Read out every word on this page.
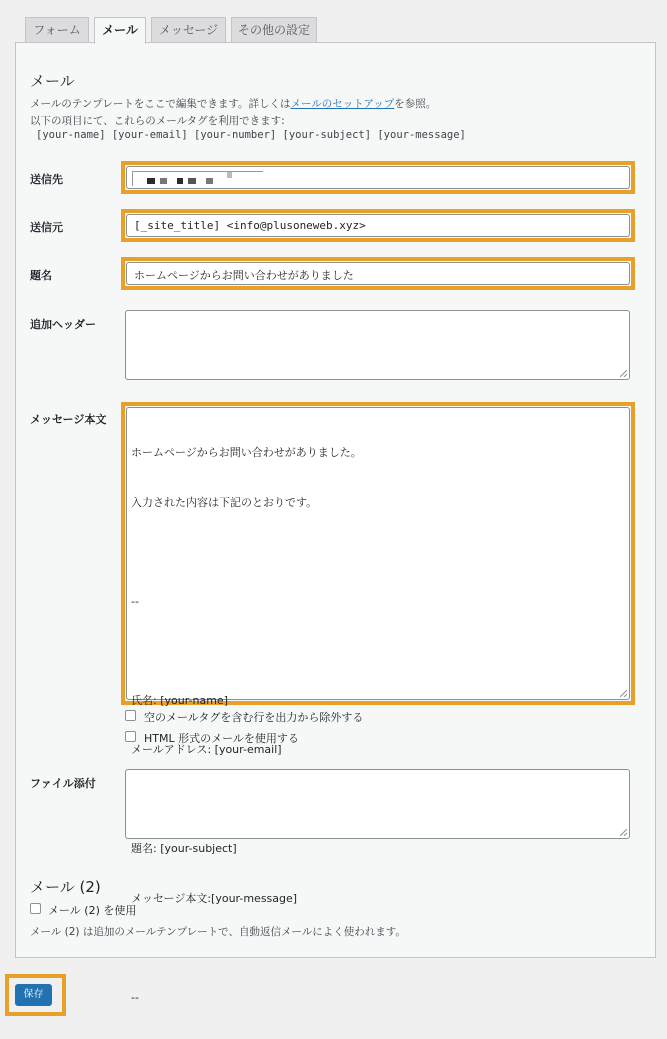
フォーム	メール	メッセージ	その他の設定
メール
メールのテンプレートをここで編集できます。詳しくはメールのセットアップを参照。
以下の項目にて、これらのメールタグを利用できます:
[your-name] [your-email] [your-number] [your-subject] [your-message]
送信先
送信元	[_site_title] <info@plusoneweb.xyz>
題名	ホームページからお問い合わせがありました
追加ヘッダー
メッセージ本文

ホームページからお問い合わせがありました。

入力された内容は下記のとおりです。

--

氏名: [your-name]

メールアドレス: [your-email]

題名: [your-subject]

メッセージ本文:[your-message]

--

空のメールタグを含む行を出力から除外する
HTML 形式のメールを使用する
ファイル添付
メール (2)
メール (2) を使用
メール (2) は追加のメールテンプレートで、自動返信メールによく使われます。
保存
